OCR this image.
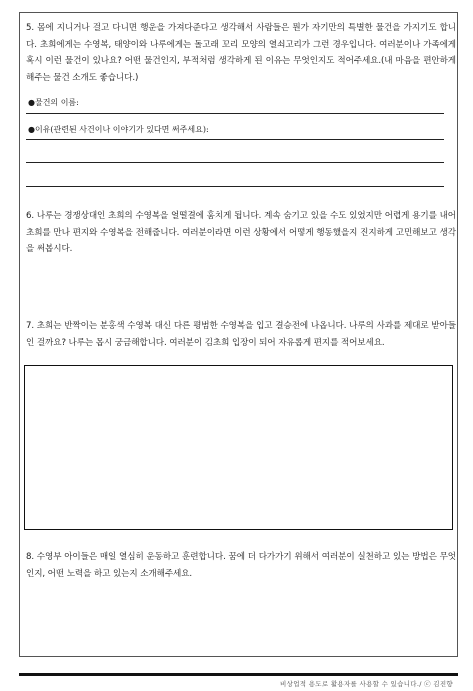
5. 몸에 지니거나 걸고 다니면 행운을 가져다준다고 생각해서 사람들은 뭔가 자기만의 특별한 물건을 가지기도 합니다. 초희에게는 수영복, 태양이와 나루에게는 돌고래 꼬리 모양의 열쇠고리가 그런 경우입니다. 여러분이나 가족에게 혹시 이런 물건이 있나요? 어떤 물건인지, 부적처럼 생각하게 된 이유는 무엇인지도 적어주세요.(내 마음을 편안하게 해주는 물건 소개도 좋습니다.)

●물건의 이름:
●이유(관련된 사건이나 이야기가 있다면 써주세요):

6. 나루는 경쟁상대인 초희의 수영복을 얼떨결에 훔치게 됩니다. 계속 숨기고 있을 수도 있었지만 어렵게 용기를 내어 초희를 만나 편지와 수영복을 전해줍니다. 여러분이라면 이런 상황에서 어떻게 행동했을지 진지하게 고민해보고 생각을 써봅시다.

7. 초희는 반짝이는 분홍색 수영복 대신 다른 평범한 수영복을 입고 결승전에 나옵니다. 나루의 사과를 제대로 받아들인 걸까요? 나루는 몹시 궁금해합니다. 여러분이 김초희 입장이 되어 자유롭게 편지를 적어보세요.

8. 수영부 아이들은 매일 열심히 운동하고 훈련합니다. 꿈에 더 다가가기 위해서 여러분이 실천하고 있는 방법은 무엇인지, 어떤 노력을 하고 있는지 소개해주세요.

비상업적 용도로 활용자를 사용할 수 있습니다./ ⓒ 김진향
